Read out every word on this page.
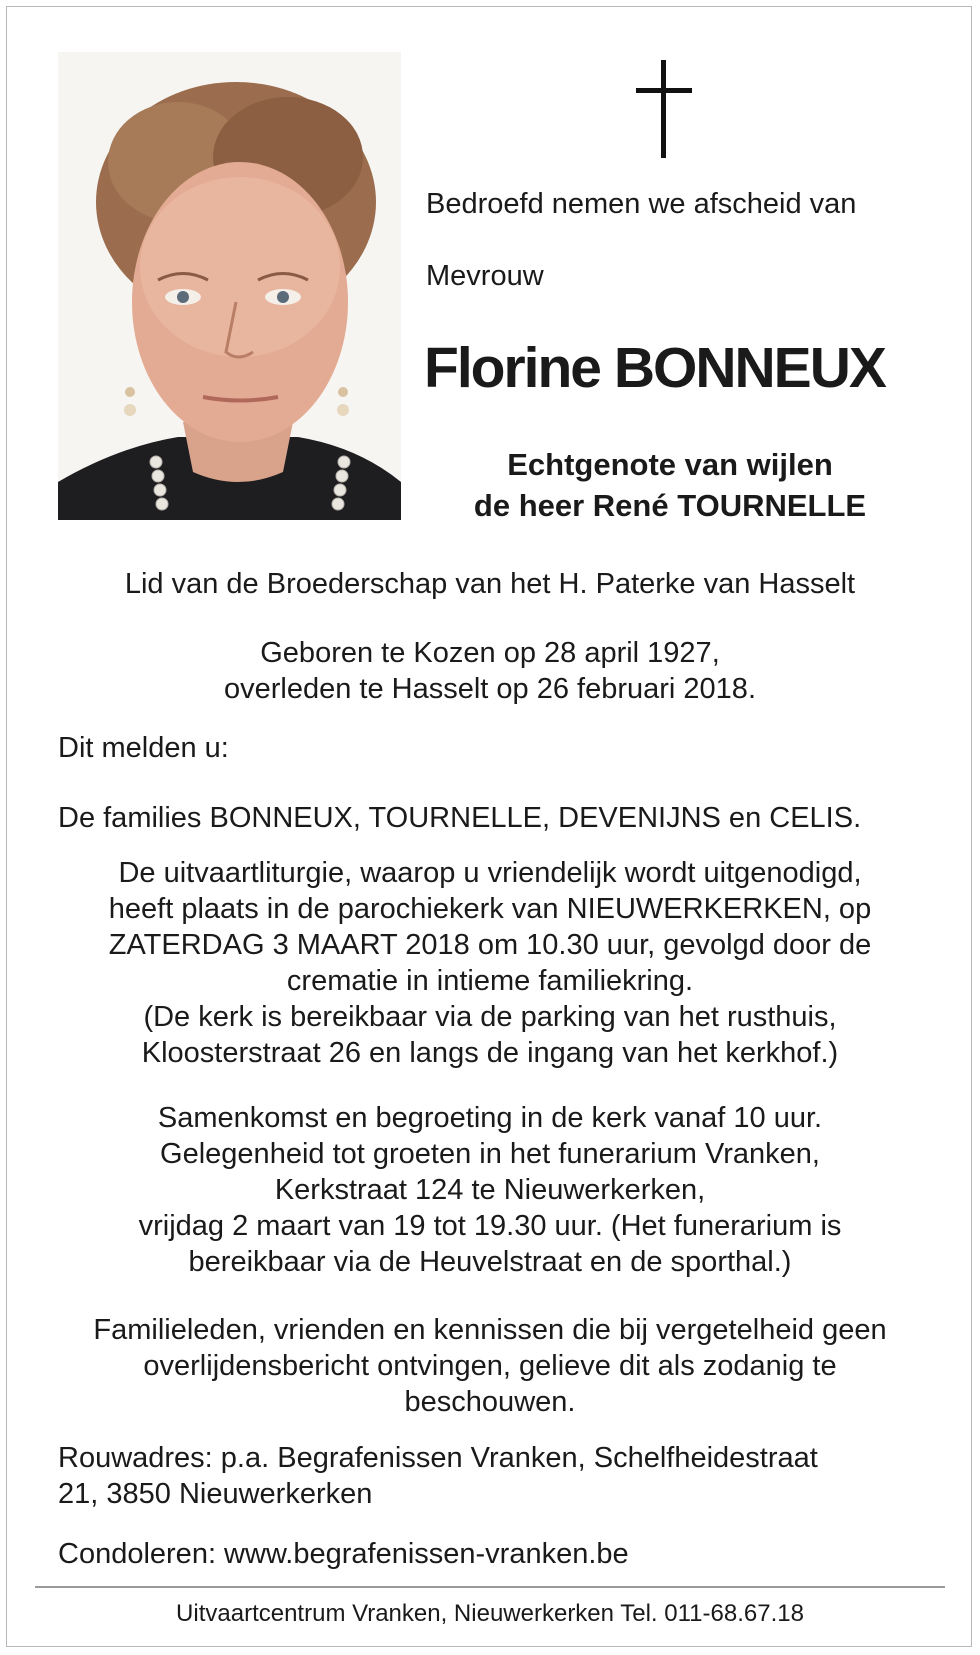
Bedroefd nemen we afscheid van

Mevrouw

Florine BONNEUX

Echtgenote van wijlen

de heer René TOURNELLE

Lid van de Broederschap van het H. Paterke van Hasselt

Geboren te Kozen op 28 april 1927,

overleden te Hasselt op 26 februari 2018.

Dit melden u:

De families BONNEUX, TOURNELLE, DEVENIJNS en CELIS.

De uitvaartliturgie, waarop u vriendelijk wordt uitgenodigd,

heeft plaats in de parochiekerk van NIEUWERKERKEN, op

ZATERDAG 3 MAART 2018 om 10.30 uur, gevolgd door de

crematie in intieme familiekring.

(De kerk is bereikbaar via de parking van het rusthuis,

Kloosterstraat 26 en langs de ingang van het kerkhof.)

Samenkomst en begroeting in de kerk vanaf 10 uur.

Gelegenheid tot groeten in het funerarium Vranken,

Kerkstraat 124 te Nieuwerkerken,

vrijdag 2 maart van 19 tot 19.30 uur. (Het funerarium is

bereikbaar via de Heuvelstraat en de sporthal.)

Familieleden, vrienden en kennissen die bij vergetelheid geen

overlijdensbericht ontvingen, gelieve dit als zodanig te

beschouwen.

Rouwadres: p.a. Begrafenissen Vranken, Schelfheidestraat

21, 3850 Nieuwerkerken

Condoleren: www.begrafenissen-vranken.be

Uitvaartcentrum Vranken, Nieuwerkerken Tel. 011-68.67.18
